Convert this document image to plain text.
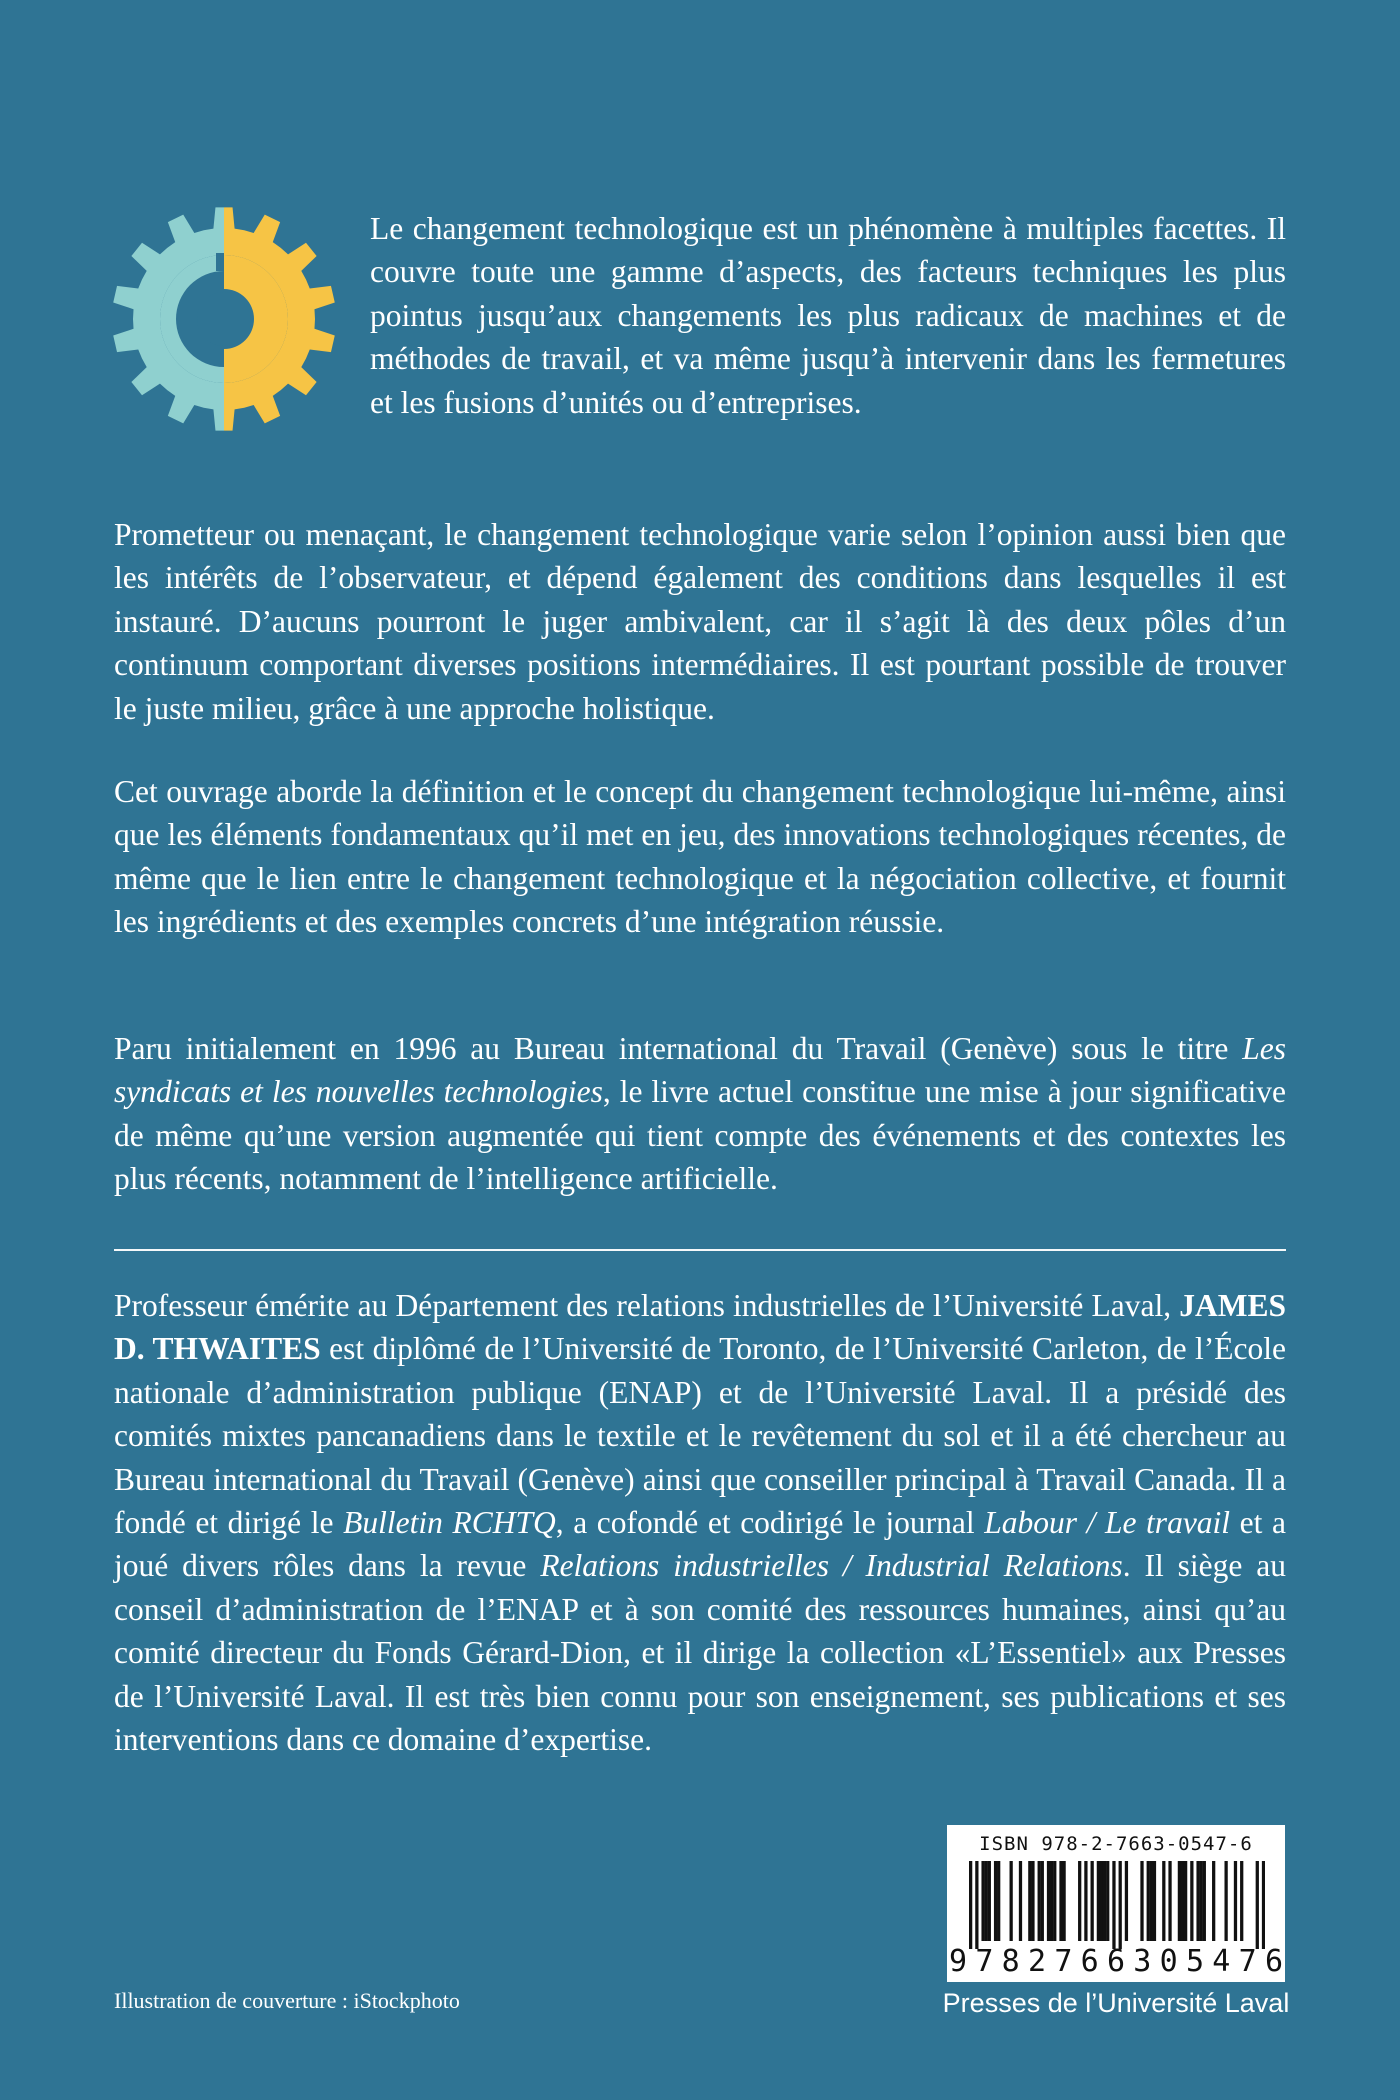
Le changement technologique est un phénomène à multiples facettes. Il couvre toute une gamme d’aspects, des facteurs techniques les plus pointus jusqu’aux changements les plus radicaux de machines et de méthodes de travail, et va même jusqu’à intervenir dans les fermetures et les fusions d’unités ou d’entreprises.
Prometteur ou menaçant, le changement technologique varie selon l’opinion aussi bien que les intérêts de l’observateur, et dépend également des conditions dans lesquelles il est instauré. D’aucuns pourront le juger ambivalent, car il s’agit là des deux pôles d’un continuum comportant diverses positions intermédiaires. Il est pourtant possible de trouver le juste milieu, grâce à une approche holistique.
Cet ouvrage aborde la définition et le concept du changement technologique lui-même, ainsi que les éléments fondamentaux qu’il met en jeu, des innovations technologiques récentes, de même que le lien entre le changement technologique et la négociation collective, et fournit les ingrédients et des exemples concrets d’une intégration réussie.
Paru initialement en 1996 au Bureau international du Travail (Genève) sous le titre Les syndicats et les nouvelles technologies, le livre actuel constitue une mise à jour significative de même qu’une version augmentée qui tient compte des événements et des contextes les plus récents, notamment de l’intelligence artificielle.
Professeur émérite au Département des relations industrielles de l’Université Laval, JAMES D. THWAITES est diplômé de l’Université de Toronto, de l’Université Carleton, de l’École nationale d’administration publique (ENAP) et de l’Université Laval. Il a présidé des comités mixtes pancanadiens dans le textile et le revêtement du sol et il a été chercheur au Bureau international du Travail (Genève) ainsi que conseiller principal à Travail Canada. Il a fondé et dirigé le Bulletin RCHTQ, a cofondé et codirigé le journal Labour / Le travail et a joué divers rôles dans la revue Relations industrielles / Industrial Relations. Il siège au conseil d’administration de l’ENAP et à son comité des ressources humaines, ainsi qu’au comité directeur du Fonds Gérard-Dion, et il dirige la collection «L’Essentiel» aux Presses de l’Université Laval. Il est très bien connu pour son enseignement, ses publications et ses interventions dans ce domaine d’expertise.
Illustration de couverture : iStockphoto
ISBN 978-2-7663-0547-6
9 7 8 2 7 6 6 3 0 5 4 7 6
Presses de l’Université Laval
